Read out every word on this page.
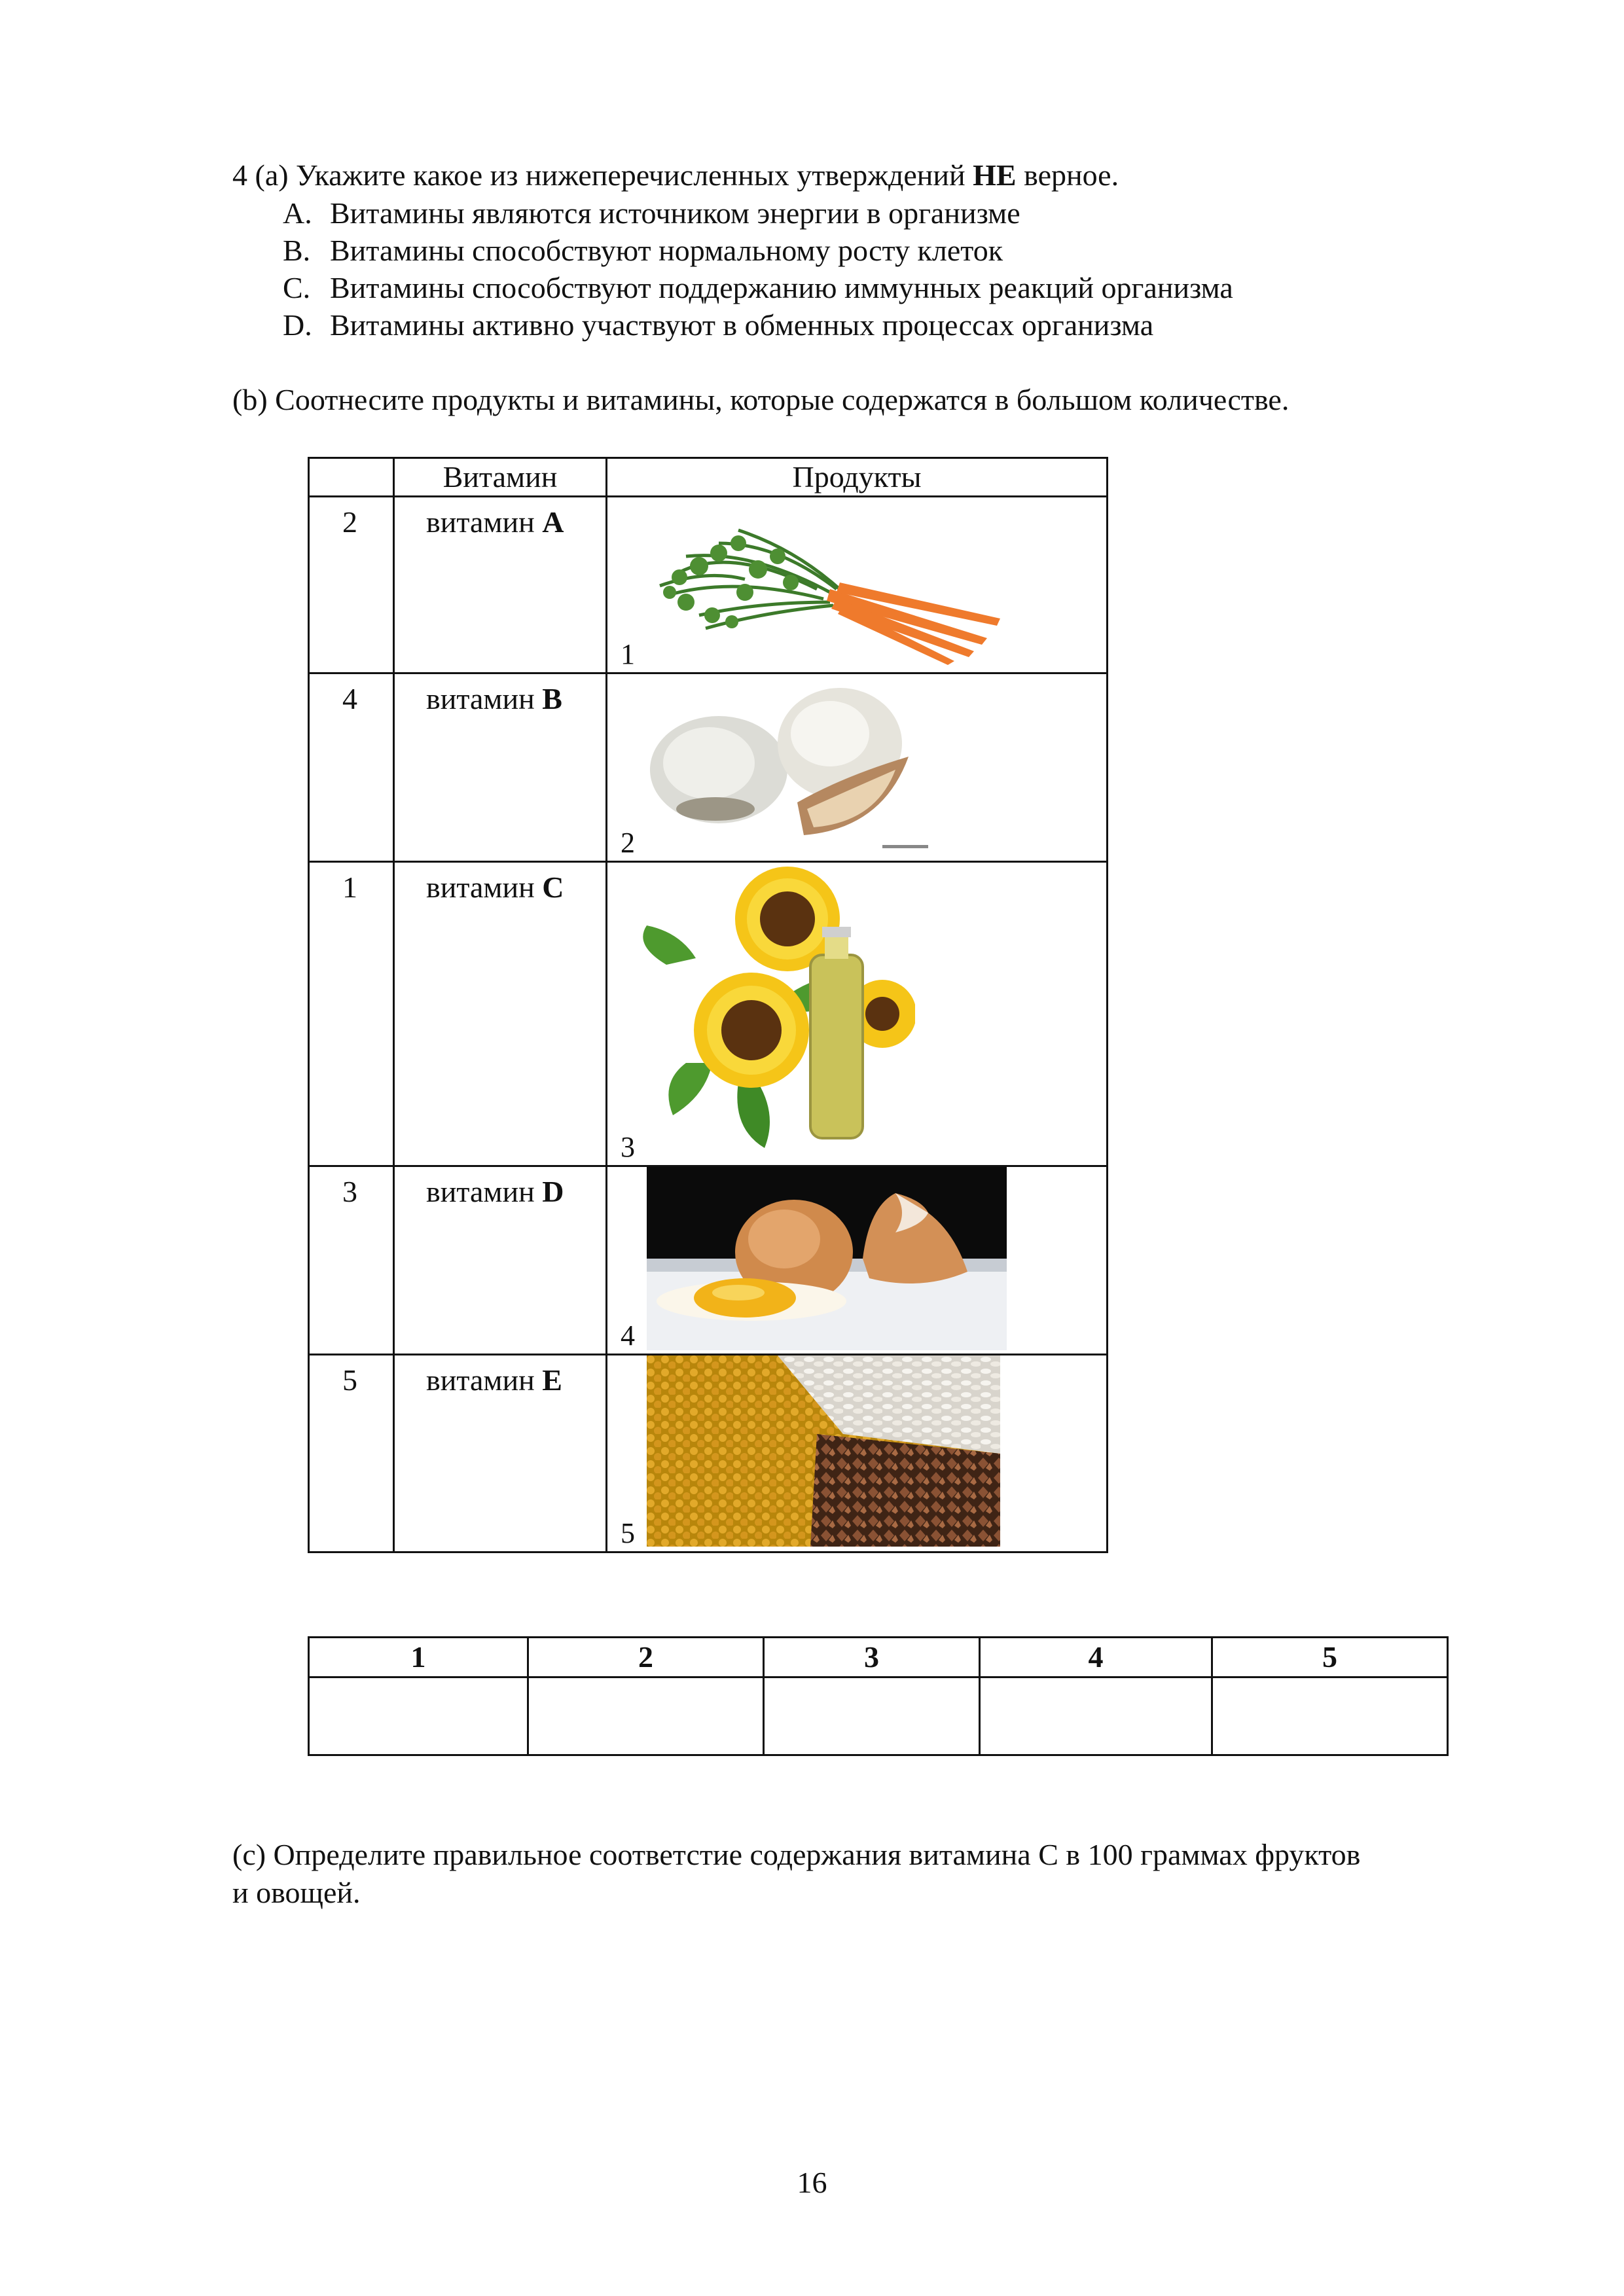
4 (a) Укажите какое из нижеперечисленных утверждений НЕ верное.
A. Витамины являются источником энергии в организме
B. Витамины способствуют нормальному росту клеток
C. Витамины способствуют поддержанию иммунных реакций организма
D. Витамины активно участвуют в обменных процессах организма
(b) Соотнесите продукты и витамины, которые содержатся в большом количестве.
	Витамин	Продукты
2	витамин A	1

4	витамин B	2

1	витамин C	3

3	витамин D	4

5	витамин E	5
1	2	3	4	5

(c) Определите правильное соответстие содержания витамина С в 100 граммах фруктов
и овощей.
16
